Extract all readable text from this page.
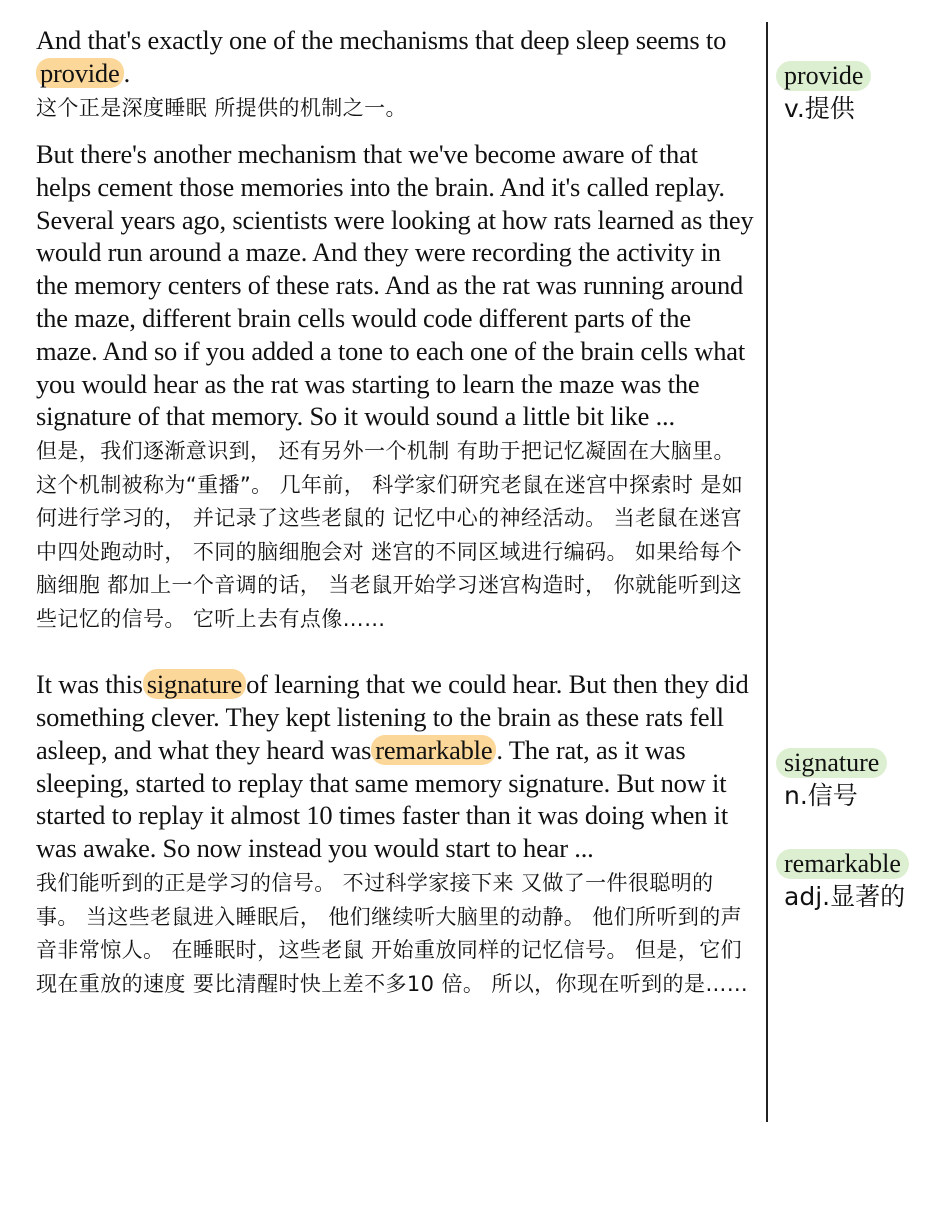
And that's exactly one of the mechanisms that deep sleep seems to provide .
这个正是深度睡眠 所提供的机制之一。
But there's another mechanism that we've become aware of that helps cement those memories into the brain. And it's called replay. Several years ago, scientists were looking at how rats learned as they would run around a maze. And they were recording the activity in the memory centers of these rats. And as the rat was running around the maze, different brain cells would code different parts of the maze. And so if you added a tone to each one of the brain cells what you would hear as the rat was starting to learn the maze was the signature of that memory. So it would sound a little bit like ...
但是，我们逐渐意识到， 还有另外一个机制 有助于把记忆凝固在大脑里。 这个机制被称为“重播”。 几年前， 科学家们研究老鼠在迷宫中探索时 是如何进行学习的， 并记录了这些老鼠的 记忆中心的神经活动。 当老鼠在迷宫中四处跑动时， 不同的脑细胞会对 迷宫的不同区域进行编码。 如果给每个脑细胞 都加上一个音调的话， 当老鼠开始学习迷宫构造时， 你就能听到这些记忆的信号。 它听上去有点像……
It was this signature of learning that we could hear. But then they did something clever. They kept listening to the brain as these rats fell asleep, and what they heard was remarkable . The rat, as it was sleeping, started to replay that same memory signature. But now it started to replay it almost 10 times faster than it was doing when it was awake. So now instead you would start to hear ...
我们能听到的正是学习的信号。 不过科学家接下来 又做了一件很聪明的事。 当这些老鼠进入睡眠后， 他们继续听大脑里的动静。 他们所听到的声音非常惊人。 在睡眠时，这些老鼠 开始重放同样的记忆信号。 但是，它们现在重放的速度 要比清醒时快上差不多10 倍。 所以，你现在听到的是……
provide
v.提供
signature
n.信号
remarkable
adj.显著的
